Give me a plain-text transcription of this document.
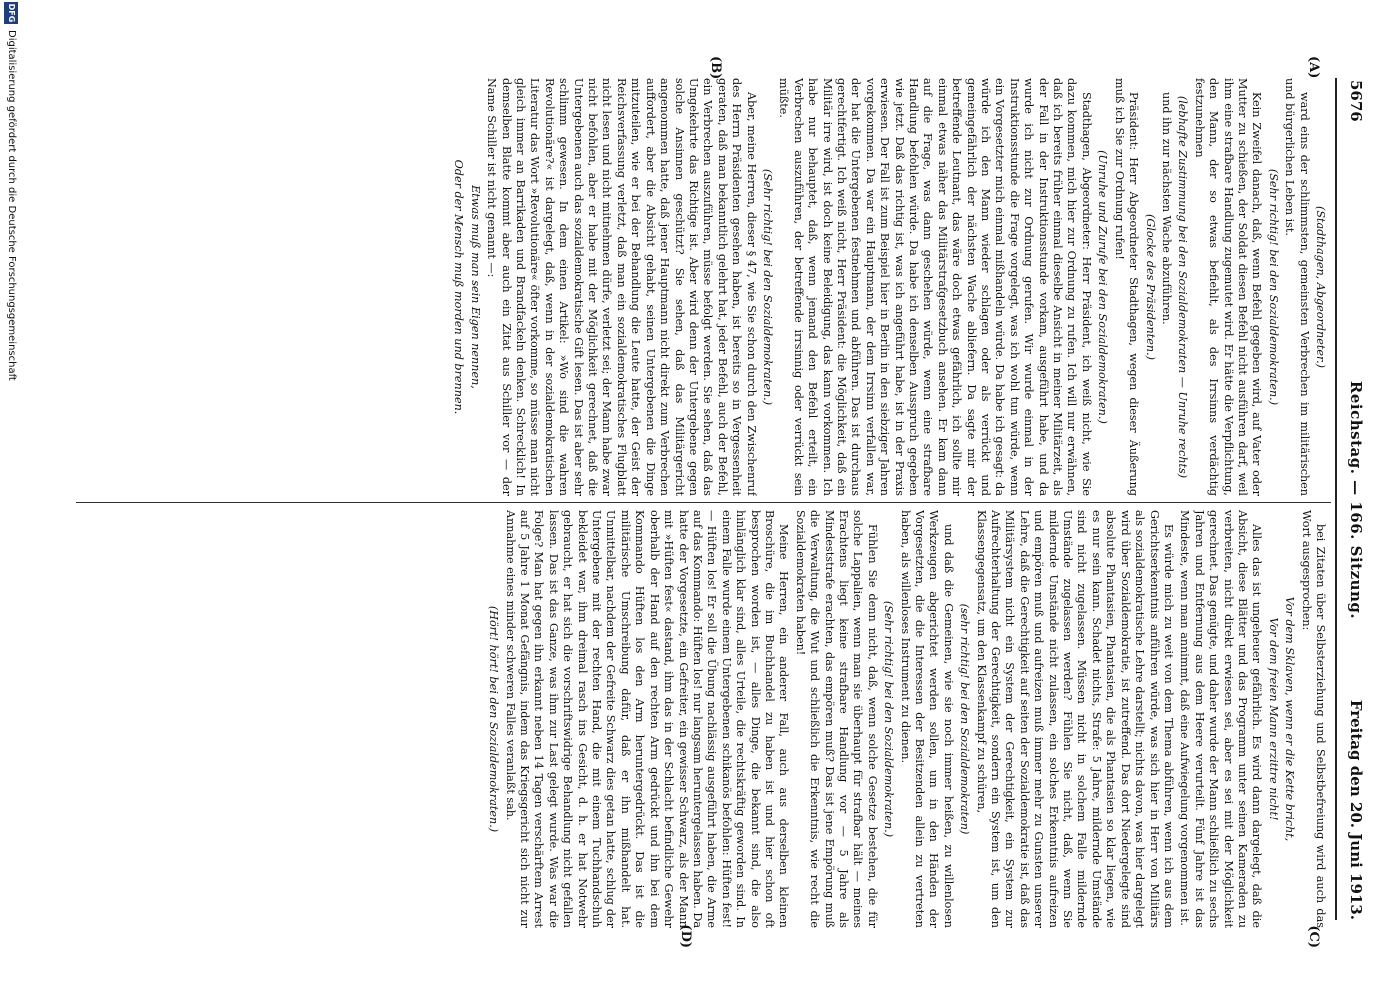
5676
Reichstag. — 166. Sitzung.
Freitag den 20. Juni 1913.
(A)
(B)
(C)
(D)

(Stadthagen, Abgeordneter.)

ward eins der schlimmsten, gemeinsten Verbrechen im militärischen und bürgerlichen Leben ist.

(Sehr richtig! bei den Sozialdemokraten.)

Kein Zweifel danach, daß, wenn Befehl gegeben wird, auf Vater oder Mutter zu schießen, der Soldat diesen Befehl nicht ausführen darf, weil ihm eine strafbare Handlung zugemutet wird. Er hätte die Verpflichtung, den Mann, der so etwas befiehlt, als des Irrsinns verdächtig festzunehmen

(lebhafte Zustimmung bei den Sozialdemokraten — Unruhe rechts)

und ihn zur nächsten Wache abzuführen.

(Glocke des Präsidenten.)

Präsident: Herr Abgeordneter Stadthagen, wegen dieser Äußerung muß ich Sie zur Ordnung rufen!

(Unruhe und Zurufe bei den Sozialdemokraten.)

Stadthagen, Abgeordneter: Herr Präsident, ich weiß nicht, wie Sie dazu kommen, mich hier zur Ordnung zu rufen. Ich will nur erwähnen, daß ich bereits früher einmal dieselbe Ansicht in meiner Militärzeit, als der Fall in der Instruktionsstunde vorkam, ausgeführt habe, und da wurde ich nicht zur Ordnung gerufen. Wir wurde einmal in der Instruktionsstunde die Frage vorgelegt, was ich wohl tun würde, wenn ein Vorgesetzter mich einmal mißhandeln würde. Da habe ich gesagt: da würde ich den Mann wieder schlagen oder als verrückt und gemeingefährlich der nächsten Wache abliefern. Da sagte mir der betreffende Leutnant, das wäre doch etwas gefährlich, ich sollte mir einmal etwas näher das Militärstrafgesetzbuch ansehen. Er kam dann auf die Frage, was dann geschehen würde, wenn eine strafbare Handlung befohlen würde. Da habe ich denselben Ausspruch gegeben wie jetzt. Daß das richtig ist, was ich angeführt habe, ist in der Praxis erwiesen. Der Fall ist zum Beispiel hier in Berlin in den siebziger Jahren vorgekommen. Da war ein Hauptmann, der dem Irrsinn verfallen war, der hat die Untergebenen festnehmen und abführen. Das ist durchaus gerechtfertigt. Ich weiß nicht, Herr Präsident: die Möglichkeit, daß ein Militär irre wird, ist doch keine Beleidigung, das kann vorkommen. Ich habe nur behauptet, daß, wenn jemand den Befehl erteilt, ein Verbrechen auszuführen, der betreffende irrsinnig oder verrückt sein müßte.

(Sehr richtig! bei den Sozialdemokraten.)

Aber, meine Herren, dieser § 47, wie Sie schon durch den Zwischenruf des Herrn Präsidenten gesehen haben, ist bereits so in Vergessenheit geraten, daß man bekanntlich gelehrt hat, jeder Befehl, auch der Befehl, ein Verbrechen auszuführen, müsse befolgt werden. Sie sehen, daß das Umgekehrte das Richtige ist. Aber wird denn der Untergebene gegen solche Ansinnen geschützt? Sie sehen, daß das Militärgericht angenommen hatte, daß jener Hauptmann nicht direkt zum Verbrechen auffordert, aber die Absicht gehabt, seinen Untergebenen die Dinge mitzuteilen, wie er bei der Behandlung die Leute hatte, der Geist der Reichsverfassung verletzt, daß man ein sozialdemokratisches Flugblatt nicht lesen und nicht mitnehmen dürfe, verletzt sei; der Mann habe zwar nicht befohlen, aber er habe mit der Möglichkeit gerechnet, daß die Untergebenen auch das sozialdemokratische Gift lesen. Das ist aber sehr schlimm gewesen. In dem einen Artikel: »Wo sind die wahren Revolutionäre?« ist dargelegt, daß, wenn in der sozialdemokratischen Literatur das Wort »Revolutionäre« öfter vorkomme, so müsse man nicht gleich immer an Barrikaden und Brandfackeln denken. Schrecklich! In demselben Blatte kommt aber auch ein Zitat aus Schiller vor — der Name Schiller ist nicht genannt —:

Etwas muß man sein Eigen nennen,

Oder der Mensch muß morden und brennen.

bei Zitaten über Selbsterziehung und Selbstbefreiung wird auch das Wort ausgesprochen:

Vor dem Sklaven, wenn er die Kette bricht,

Vor dem freien Mann erzittre nicht!

Alles das ist ungeheuer gefährlich. Es wird dann dargelegt, daß die Absicht, diese Blätter und das Programm unter seinen Kameraden zu verbreiten, nicht direkt erwiesen sei, aber es sei mit der Möglichkeit gerechnet. Das genügte, und daher wurde der Mann schließlich zu sechs Jahren und Entfernung aus dem Heere verurteilt. Fünf Jahre ist das Mindeste, wenn man annimmt, daß eine Aufwiegelung vorgenommen ist.

Es würde mich zu weit von dem Thema abführen, wenn ich aus dem Gerichtserkenntnis anführen würde, was sich hier in Herr von Militärs als sozialdemokratische Lehre darstellt; nichts davon, was hier dargelegt wird über Sozialdemokratie, ist zutreffend. Das dort Niedergelegte sind absolute Phantasien, Phantasien, die als Phantasien so klar liegen, wie es nur sein kann. Schadet nichts, Strafe: 5 Jahre, mildernde Umstände sind nicht zugelassen. Müssen nicht in solchem Falle mildernde Umstände zugelassen werden? Fühlen Sie nicht, daß, wenn Sie mildernde Umstände nicht zulassen, ein solches Erkenntnis aufreizen und empören muß und aufreizen muß immer mehr zu Gunsten unserer Lehre, daß die Gerechtigkeit auf seiten der Sozialdemokratie ist, daß das Militärsystem nicht ein System der Gerechtigkeit, ein System zur Aufrechterhaltung der Gerechtigkeit, sondern ein System ist, um den Klassengegensatz, um den Klassenkampf zu schüren,

(sehr richtig! bei den Sozialdemokraten)

und daß die Gemeinen, wie sie noch immer heißen, zu willenlosen Werkzeugen abgerichtet werden sollen, um in den Händen der Vorgesetzten, die die Interessen der Besitzenden allein zu vertreten haben, als willenloses Instrument zu dienen.

(Sehr richtig! bei den Sozialdemokraten.)

Fühlen Sie denn nicht, daß, wenn solche Gesetze bestehen, die für solche Lappalien, wenn man sie überhaupt für strafbar hält — meines Erachtens liegt keine strafbare Handlung vor — 5 Jahre als Mindeststrafe erachten, das empören muß? Das ist jene Empörung muß die Verwaltung, die Wut und schließlich die Erkenntnis, wie recht die Sozialdemokraten haben!

Meine Herren, ein anderer Fall, auch aus derselben kleinen Broschüre, die im Buchhandel zu haben ist und hier schon oft besprochen worden ist, — alles Dinge, die bekannt sind, die also hinlänglich klar sind, alles Urteile, die rechtskräftig geworden sind. In einem Falle wurde einem Untergebenen schikanös befohlen: Hüften fest! — Hüften los! Er soll die Übung nachlässig ausgeführt haben, die Arme auf das Kommando: Hüften los! nur langsam heruntergelassen haben. Da hatte der Vorgesetzte, ein Gefreiter, ein gewisser Schwarz, als der Mann mit »Hüften fest« dastand, ihm das in der Schlacht befindliche Gewehr oberhalb der Hand auf den rechten Arm gedrückt und ihn bei dem Kommando Hüften los den Arm heruntergedrückt. Das ist die militärische Umschreibung dafür, daß er ihn mißhandelt hat. Unmittelbar, nachdem der Gefreite Schwarz dies getan hatte, schlug der Untergebene mit der rechten Hand, die mit einem Tuchhandschuh bekleidet war, ihm dreimal rasch ins Gesicht, d. h. er hat Notwehr gebraucht, er hat sich die vorschriftswidrige Behandlung nicht gefallen lassen. Das ist das Ganze, was ihm zur Last gelegt wurde. Was war die Folge? Man hat gegen ihn erkannt neben 14 Tagen verschärftem Arrest auf 5 Jahre 1 Monat Gefängnis, indem das Kriegsgericht sich nicht zur Annahme eines minder schweren Falles veranlaßt sah.

(Hört! hört! bei den Sozialdemokraten.)

DFG
Digitalisierung gefördert durch die Deutsche Forschungsgemeinschaft
